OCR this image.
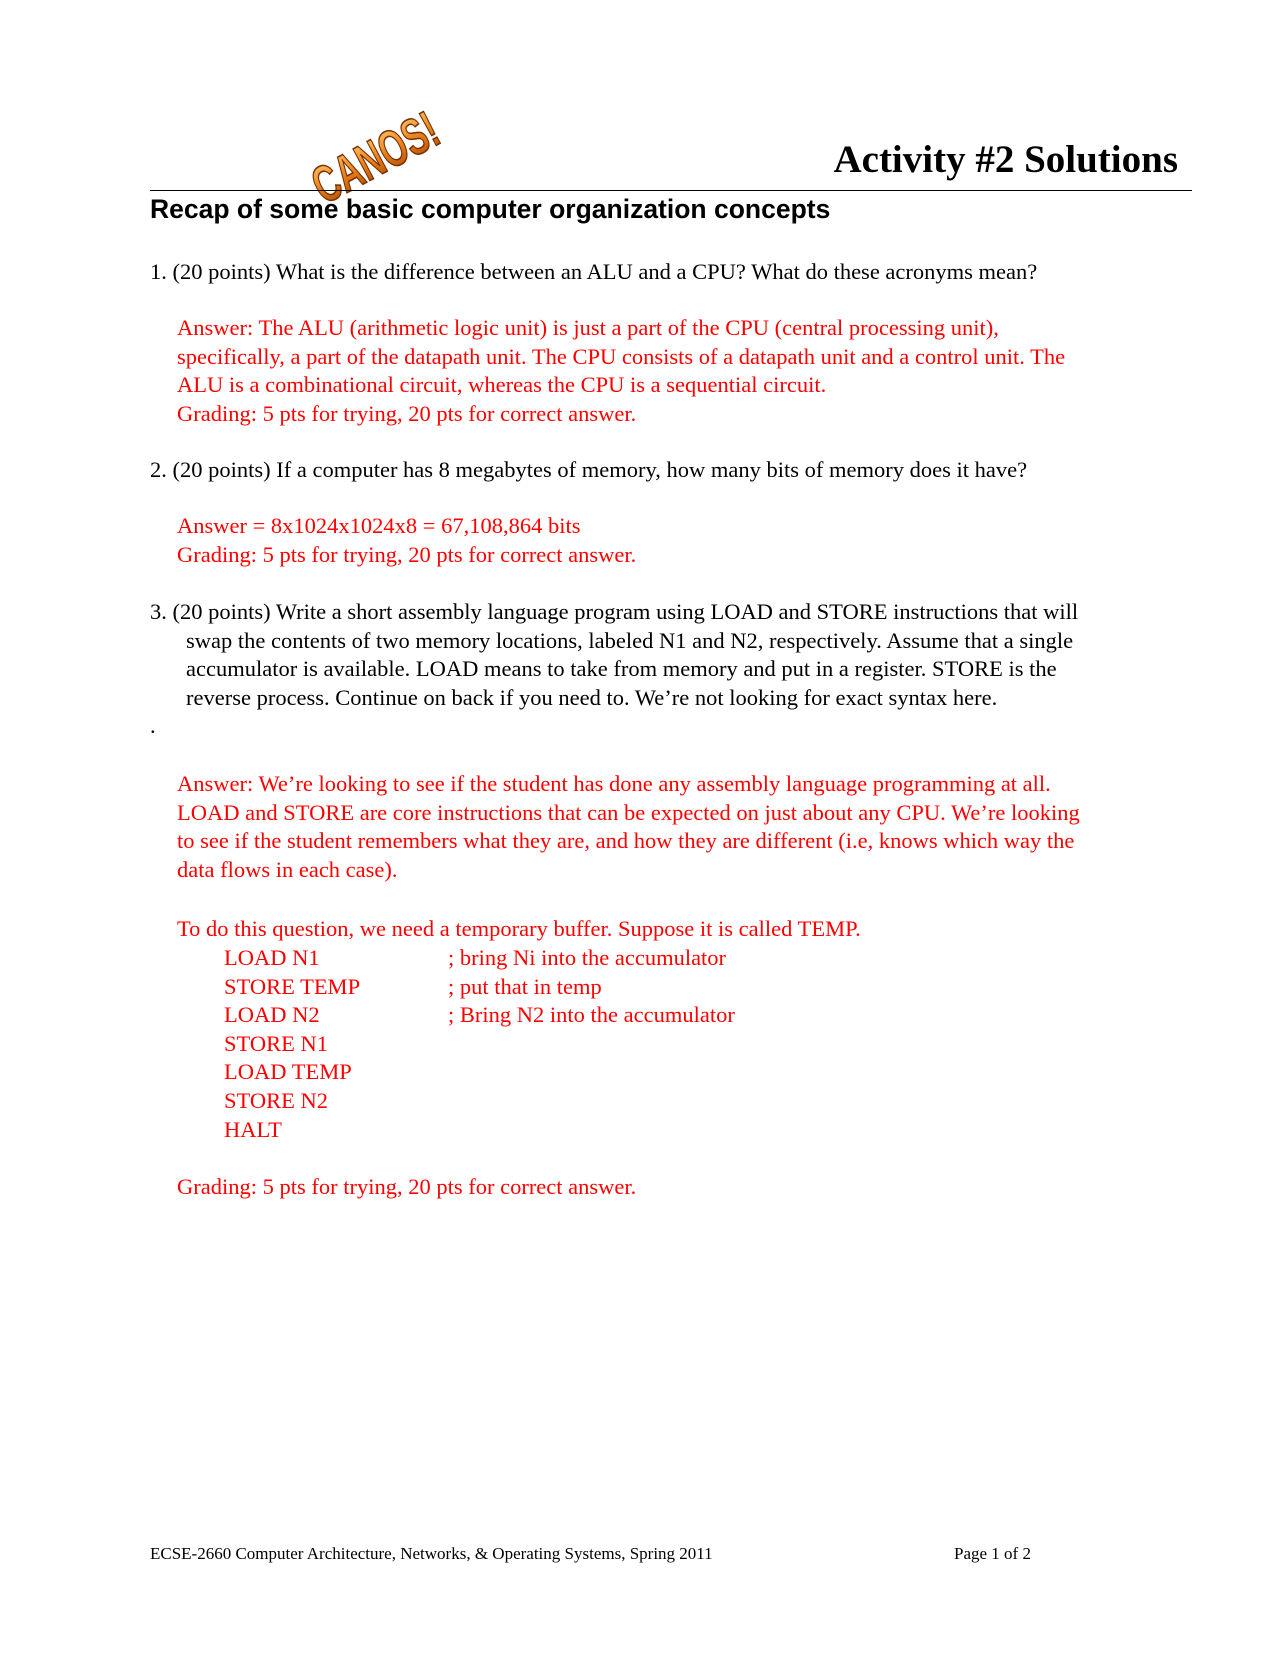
CANOS!	Activity #2 Solutions
Recap of some basic computer organization concepts
1. (20 points) What is the difference between an ALU and a CPU? What do these acronyms mean?
Answer: The ALU (arithmetic logic unit) is just a part of the CPU (central processing unit),
specifically, a part of the datapath unit. The CPU consists of a datapath unit and a control unit. The
ALU is a combinational circuit, whereas the CPU is a sequential circuit.
Grading: 5 pts for trying, 20 pts for correct answer.
2. (20 points) If a computer has 8 megabytes of memory, how many bits of memory does it have?
Answer = 8x1024x1024x8 = 67,108,864 bits
Grading: 5 pts for trying, 20 pts for correct answer.
3. (20 points) Write a short assembly language program using LOAD and STORE instructions that will
swap the contents of two memory locations, labeled N1 and N2, respectively. Assume that a single
accumulator is available. LOAD means to take from memory and put in a register. STORE is the
reverse process. Continue on back if you need to. We’re not looking for exact syntax here.
.
Answer: We’re looking to see if the student has done any assembly language programming at all.
LOAD and STORE are core instructions that can be expected on just about any CPU. We’re looking
to see if the student remembers what they are, and how they are different (i.e, knows which way the
data flows in each case).
To do this question, we need a temporary buffer. Suppose it is called TEMP.
LOAD N1	; bring Ni into the accumulator
STORE TEMP	; put that in temp
LOAD N2	; Bring N2 into the accumulator
STORE N1
LOAD TEMP
STORE N2
HALT
Grading: 5 pts for trying, 20 pts for correct answer.
ECSE-2660 Computer Architecture, Networks, & Operating Systems, Spring 2011	Page 1 of 2
